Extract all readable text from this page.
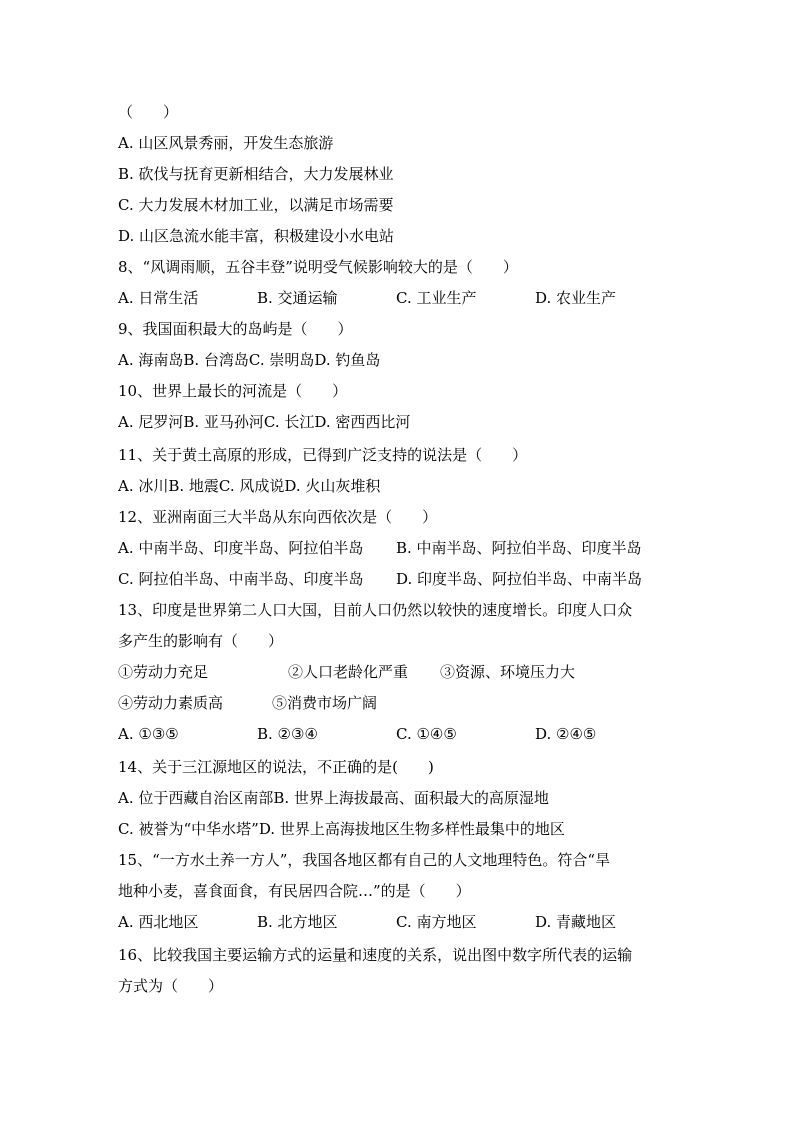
（　　）
A. 山区风景秀丽，开发生态旅游
B. 砍伐与抚育更新相结合，大力发展林业
C. 大力发展木材加工业，以满足市场需要
D. 山区急流水能丰富，积极建设小水电站
8、“风调雨顺，五谷丰登”说明受气候影响较大的是（　　）
A. 日常生活	B. 交通运输	C. 工业生产	D. 农业生产
9、我国面积最大的岛屿是（　　）
A. 海南岛B. 台湾岛C. 崇明岛D. 钓鱼岛
10、世界上最长的河流是（　　）
A. 尼罗河B. 亚马孙河C. 长江D. 密西西比河
11、关于黄土高原的形成，已得到广泛支持的说法是（　　）
A. 冰川B. 地震C. 风成说D. 火山灰堆积
12、亚洲南面三大半岛从东向西依次是（　　）
A. 中南半岛、印度半岛、阿拉伯半岛 B. 中南半岛、阿拉伯半岛、印度半岛
C. 阿拉伯半岛、中南半岛、印度半岛 D. 印度半岛、阿拉伯半岛、中南半岛
13、印度是世界第二人口大国，目前人口仍然以较快的速度增长。印度人口众
多产生的影响有（　　）
①劳动力充足	②人口老龄化严重 ③资源、环境压力大
④劳动力素质高	⑤消费市场广阔
A. ①③⑤	B. ②③④	C. ①④⑤	D. ②④⑤
14、关于三江源地区的说法，不正确的是(　　)
A. 位于西藏自治区南部B. 世界上海拔最高、面积最大的高原湿地
C. 被誉为“中华水塔”D. 世界上高海拔地区生物多样性最集中的地区
15、“一方水土养一方人”，我国各地区都有自己的人文地理特色。符合“旱
地种小麦，喜食面食，有民居四合院…”的是（　　）
A. 西北地区	B. 北方地区	C. 南方地区	D. 青藏地区
16、比较我国主要运输方式的运量和速度的关系，说出图中数字所代表的运输
方式为（　　）
